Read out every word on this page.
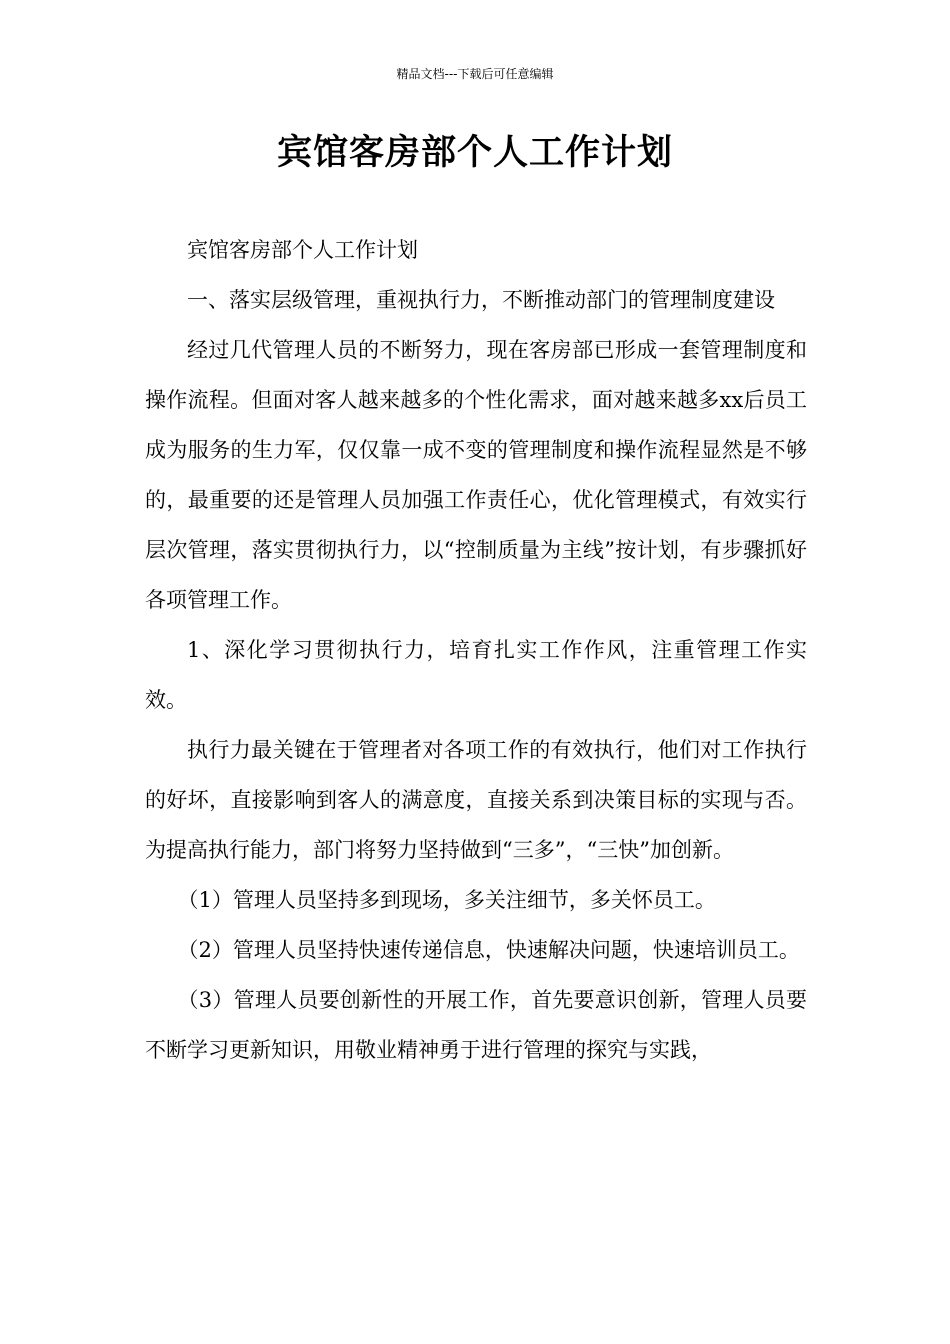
精品文档---下载后可任意编辑
宾馆客房部个人工作计划

宾馆客房部个人工作计划

一、落实层级管理，重视执行力，不断推动部门的管理制度建设

经过几代管理人员的不断努力，现在客房部已形成一套管理制度和操作流程。但面对客人越来越多的个性化需求，面对越来越多xx后员工成为服务的生力军，仅仅靠一成不变的管理制度和操作流程显然是不够的，最重要的还是管理人员加强工作责任心，优化管理模式，有效实行层次管理，落实贯彻执行力，以“控制质量为主线”按计划，有步骤抓好各项管理工作。

1、深化学习贯彻执行力，培育扎实工作作风，注重管理工作实效。

执行力最关键在于管理者对各项工作的有效执行，他们对工作执行的好坏，直接影响到客人的满意度，直接关系到决策目标的实现与否。为提高执行能力，部门将努力坚持做到“三多”，“三快”加创新。

（1）管理人员坚持多到现场，多关注细节，多关怀员工。

（2）管理人员坚持快速传递信息，快速解决问题，快速培训员工。

（3）管理人员要创新性的开展工作，首先要意识创新，管理人员要不断学习更新知识，用敬业精神勇于进行管理的探究与实践，
